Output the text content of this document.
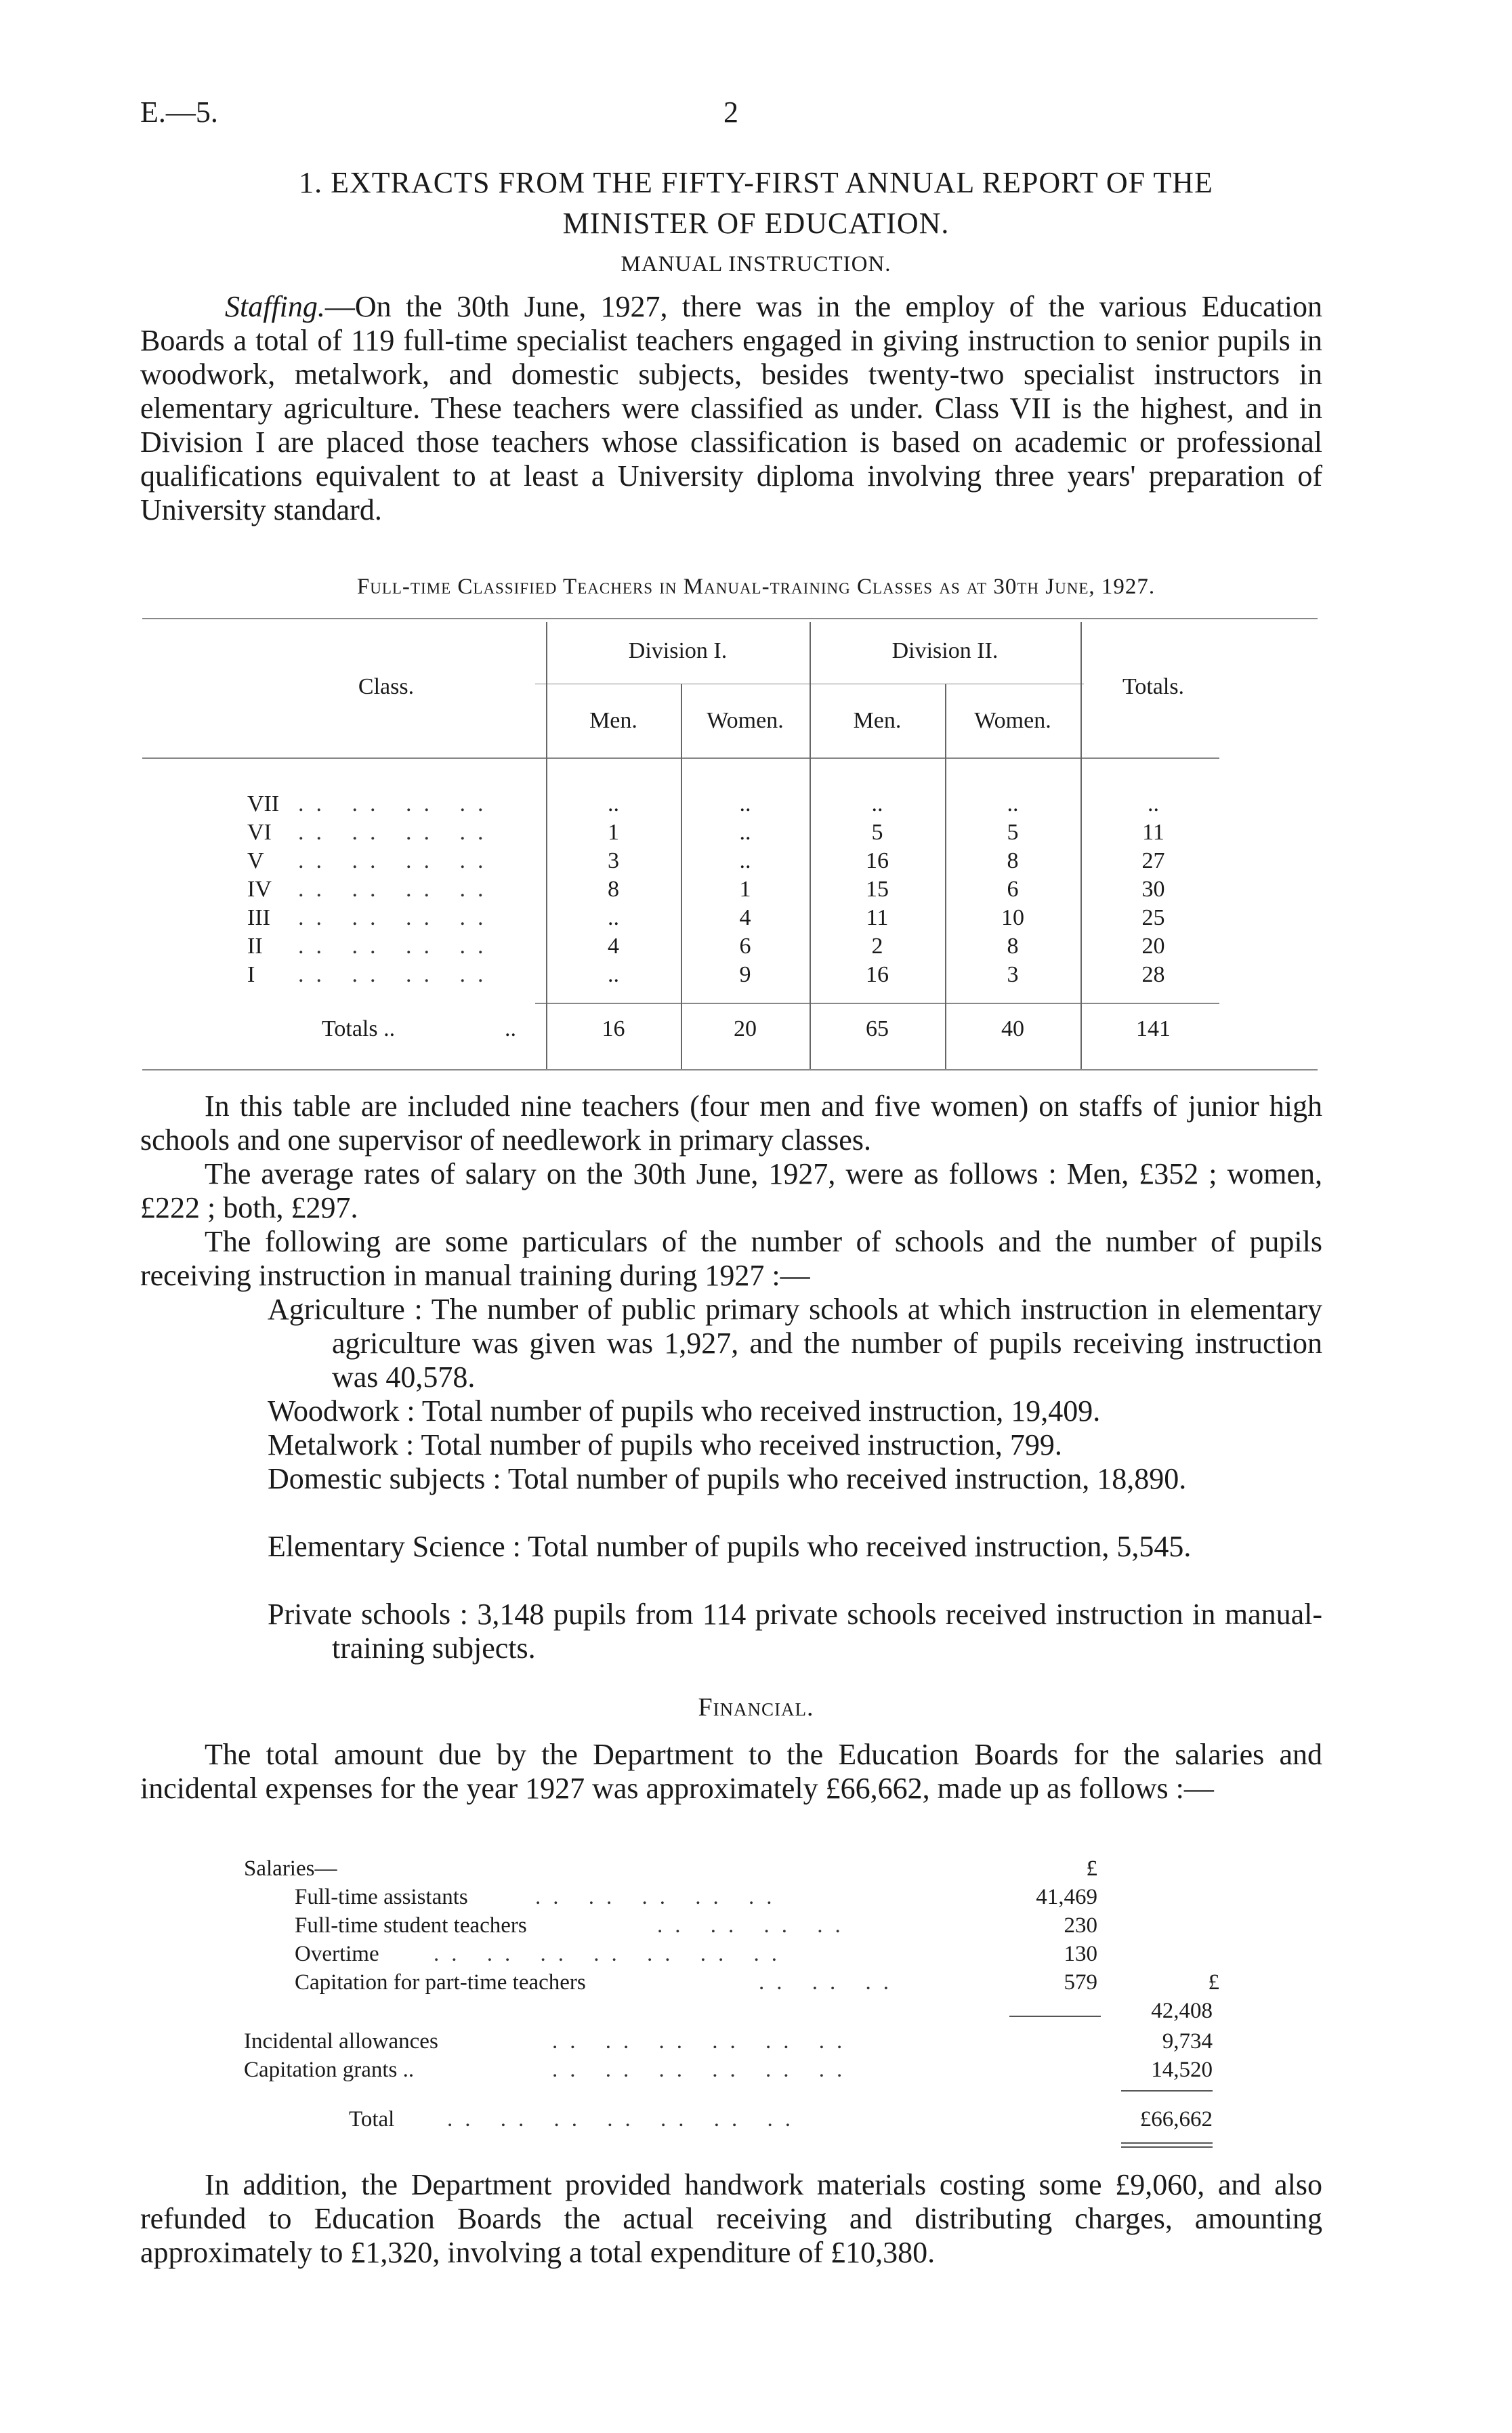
E.—5.	2
1. EXTRACTS FROM THE FIFTY-FIRST ANNUAL REPORT OF THE
MINISTER OF EDUCATION.
MANUAL INSTRUCTION.
Staffing.—On the 30th June, 1927, there was in the employ of the various Education Boards a total of 119 full-time specialist teachers engaged in giving instruction to senior pupils in woodwork, metalwork, and domestic subjects, besides twenty-two specialist instructors in elementary agriculture. These teachers were classified as under. Class VII is the highest, and in Division I are placed those teachers whose classification is based on academic or professional qualifications equivalent to at least a University diploma involving three years' preparation of University standard.
Full-time Classified Teachers in Manual-training Classes as at 30th June, 1927.
Class.
Division I.	Division II.
Totals.
Men.	Women.	Men.	Women.
VII .. .. .. ..	..	..	..	..	..
VI .. .. .. ..	1	..	5	5	11
V .. .. .. ..	3	..	16	8	27
IV .. .. .. ..	8	1	15	6	30
III .. .. .. ..	..	4	11	10	25
II .. .. .. ..	4	6	2	8	20
I .. .. .. ..	..	9	16	3	28
Totals ..	..	16	20	65	40	141
In this table are included nine teachers (four men and five women) on staffs of junior high schools and one supervisor of needlework in primary classes.
The average rates of salary on the 30th June, 1927, were as follows : Men, £352 ; women, £222 ; both, £297.
The following are some particulars of the number of schools and the number of pupils receiving instruction in manual training during 1927 :—
Agriculture : The number of public primary schools at which instruction in elementary agriculture was given was 1,927, and the number of pupils receiving instruction was 40,578.
Woodwork : Total number of pupils who received instruction, 19,409.
Metalwork : Total number of pupils who received instruction, 799.
Domestic subjects : Total number of pupils who received instruction, 18,890.
Elementary Science : Total number of pupils who received instruction, 5,545.
Private schools : 3,148 pupils from 114 private schools received instruction in manual-training subjects.
Financial.
The total amount due by the Department to the Education Boards for the salaries and incidental expenses for the year 1927 was approximately £66,662, made up as follows :—
Salaries—	£
Full-time assistants	.. .. .. .. ..	41,469
Full-time student teachers	.. .. .. ..	230
Overtime .. .. .. .. .. .. ..	130
Capitation for part-time teachers	.. .. ..	579	£
42,408
Incidental allowances	.. .. .. .. .. ..	9,734
Capitation grants ..	.. .. .. .. .. ..	14,520
Total .. .. .. .. .. .. ..	£66,662
In addition, the Department provided handwork materials costing some £9,060, and also refunded to Education Boards the actual receiving and distributing charges, amounting approximately to £1,320, involving a total expenditure of £10,380.
